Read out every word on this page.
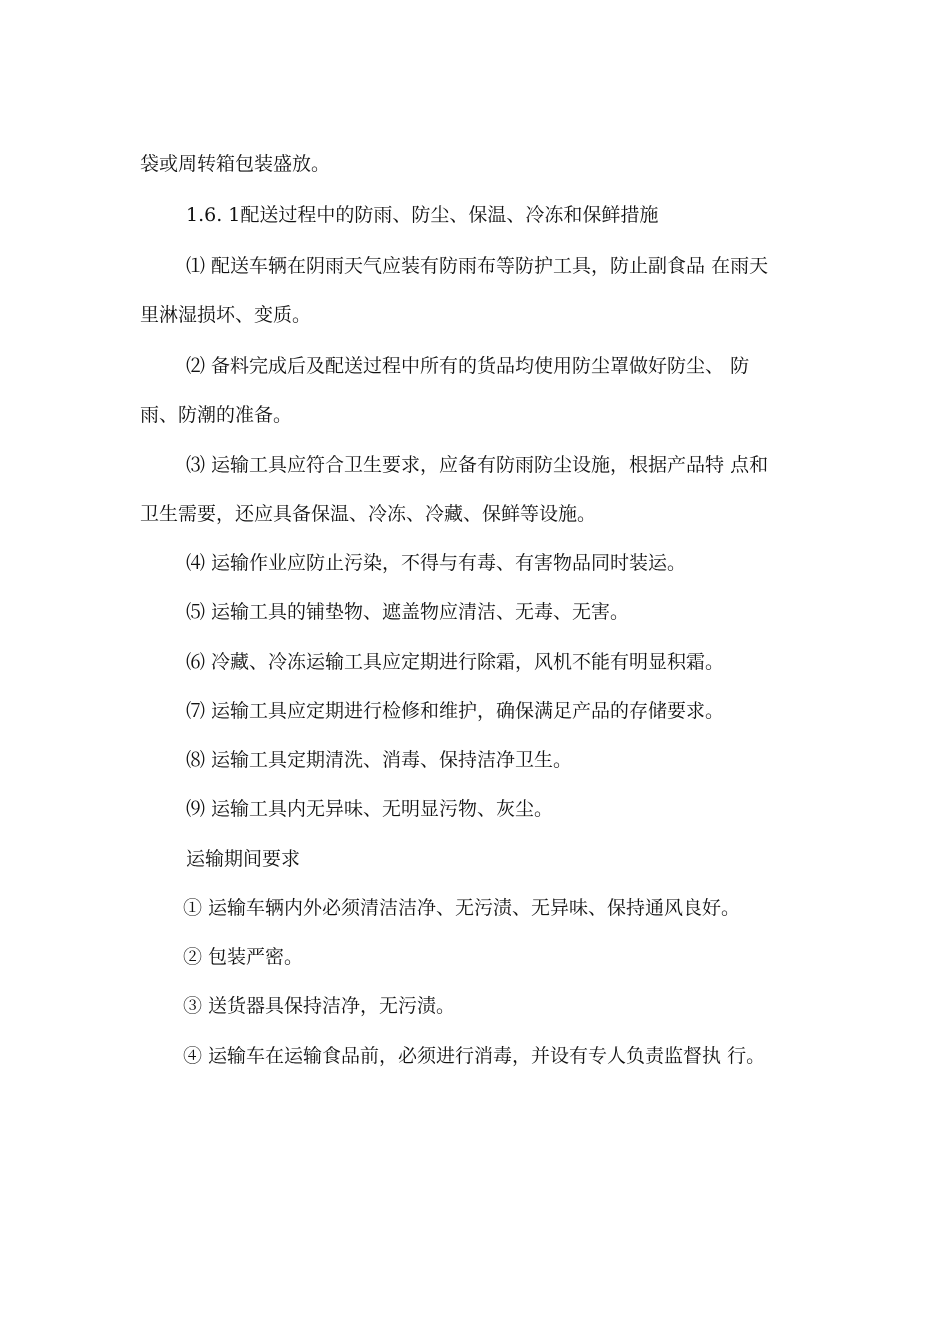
袋或周转箱包装盛放。
1.6. 1配送过程中的防雨、防尘、保温、冷冻和保鲜措施
⑴ 配送车辆在阴雨天气应装有防雨布等防护工具，防止副食品 在雨天
里淋湿损坏、变质。
⑵ 备料完成后及配送过程中所有的货品均使用防尘罩做好防尘、 防
雨、防潮的准备。
⑶ 运输工具应符合卫生要求，应备有防雨防尘设施，根据产品特 点和
卫生需要，还应具备保温、冷冻、冷藏、保鲜等设施。
⑷ 运输作业应防止污染，不得与有毒、有害物品同时装运。
⑸ 运输工具的铺垫物、遮盖物应清洁、无毒、无害。
⑹ 冷藏、冷冻运输工具应定期进行除霜，风机不能有明显积霜。
⑺ 运输工具应定期进行检修和维护，确保满足产品的存储要求。
⑻ 运输工具定期清洗、消毒、保持洁净卫生。
⑼ 运输工具内无异味、无明显污物、灰尘。
运输期间要求
① 运输车辆内外必须清洁洁净、无污渍、无异味、保持通风良好。
② 包装严密。
③ 送货器具保持洁净，无污渍。
④ 运输车在运输食品前，必须进行消毒，并设有专人负责监督执 行。
